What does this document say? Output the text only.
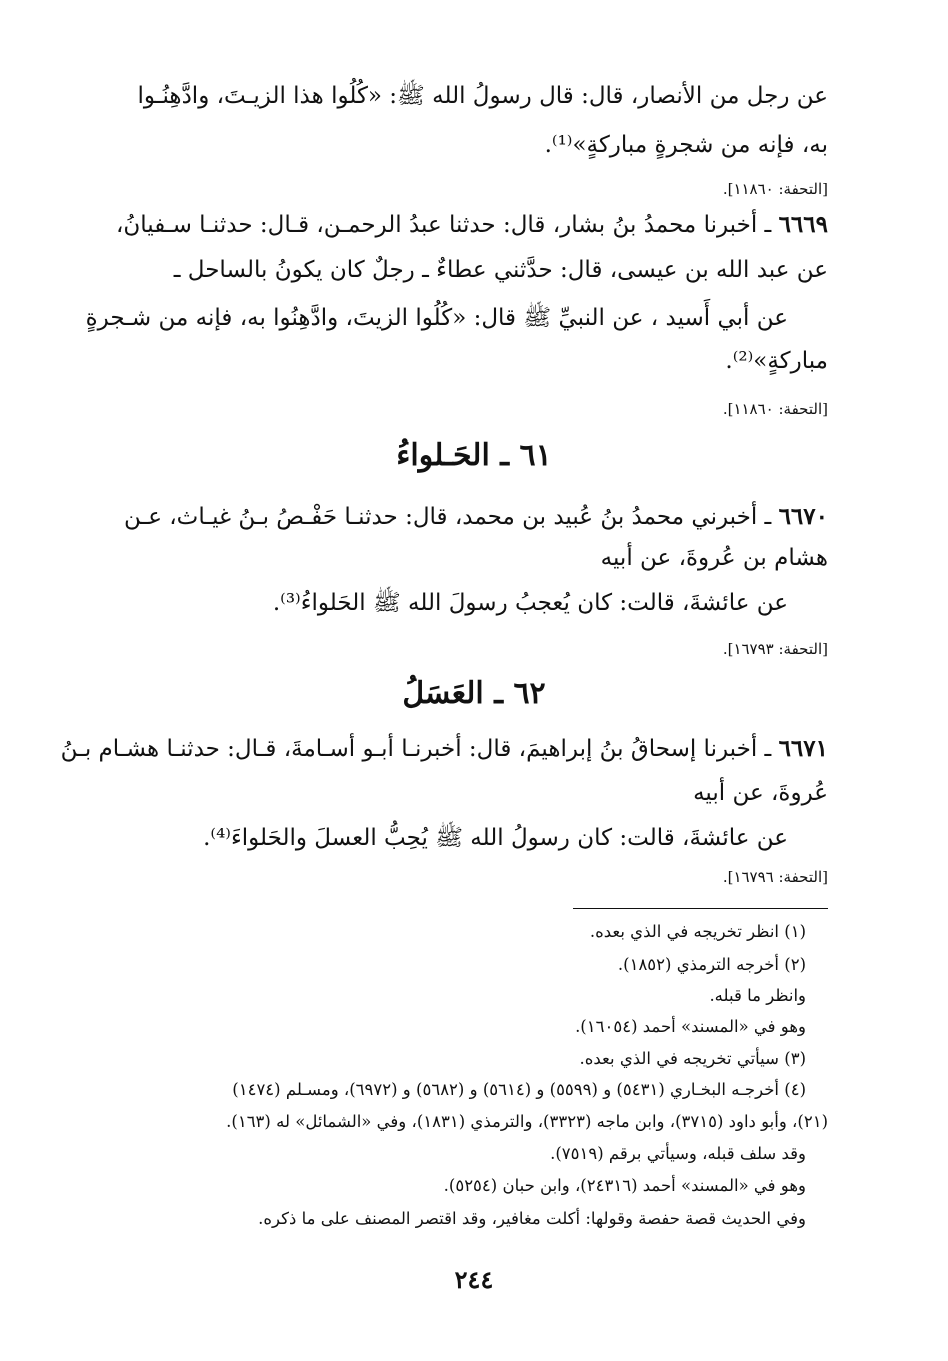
عن رجل من الأنصار، قال: قال رسولُ الله ﷺ: «كُلُوا هذا الزيـتَ، وادَّهِنُـوا
به، فإنه من شجرةٍ مباركةٍ»⁽¹⁾.
[التحفة: ١١٨٦٠].
٦٦٦٩ ـ أخبرنا محمدُ بنُ بشار، قال: حدثنا عبدُ الرحمـن، قـال: حدثنـا سـفيانُ،
عن عبد الله بن عيسى، قال: حدَّثني عطاءٌ ـ رجلٌ كان يكونُ بالساحل ـ
عن أبي أَسيد ، عن النبيِّ ﷺ قال: «كُلُوا الزيتَ، وادَّهِنُوا به، فإنه من شـجرةٍ
مباركةٍ»⁽²⁾.
[التحفة: ١١٨٦٠].
٦١ ـ الحَـلواءُ
٦٦٧٠ ـ أخبرني محمدُ بنُ عُبيد بن محمد، قال: حدثنـا حَفْـصُ بـنُ غيـاث، عـن
هشام بن عُروةَ، عن أبيه
عن عائشةَ، قالت: كان يُعجبُ رسولَ الله ﷺ الحَلواءُ⁽³⁾.
[التحفة: ١٦٧٩٣].
٦٢ ـ العَسَلُ
٦٦٧١ ـ أخبرنا إسحاقُ بنُ إبراهيمَ، قال: أخبرنـا أبـو أسـامةَ، قـال: حدثنـا هشـام بـنُ
عُروةَ، عن أبيه
عن عائشةَ، قالت: كان رسولُ الله ﷺ يُحِبُّ العسلَ والحَلواءَ⁽⁴⁾.
[التحفة: ١٦٧٩٦].
(١) انظر تخريجه في الذي بعده.
(٢) أخرجه الترمذي (١٨٥٢).
وانظر ما قبله.
وهو في «المسند» أحمد (١٦٠٥٤).
(٣) سيأتي تخريجه في الذي بعده.
(٤) أخرجـه البخـاري (٥٤٣١) و (٥٥٩٩) و (٥٦١٤) و (٥٦٨٢) و (٦٩٧٢)، ومسـلم (١٤٧٤)
(٢١)، وأبو داود (٣٧١٥)، وابن ماجه (٣٣٢٣)، والترمذي (١٨٣١)، وفي «الشمائل» له (١٦٣).
وقد سلف قبله، وسيأتي برقم (٧٥١٩).
وهو في «المسند» أحمد (٢٤٣١٦)، وابن حبان (٥٢٥٤).
وفي الحديث قصة حفصة وقولها: أكلت مغافير، وقد اقتصر المصنف على ما ذكره.
٢٤٤
